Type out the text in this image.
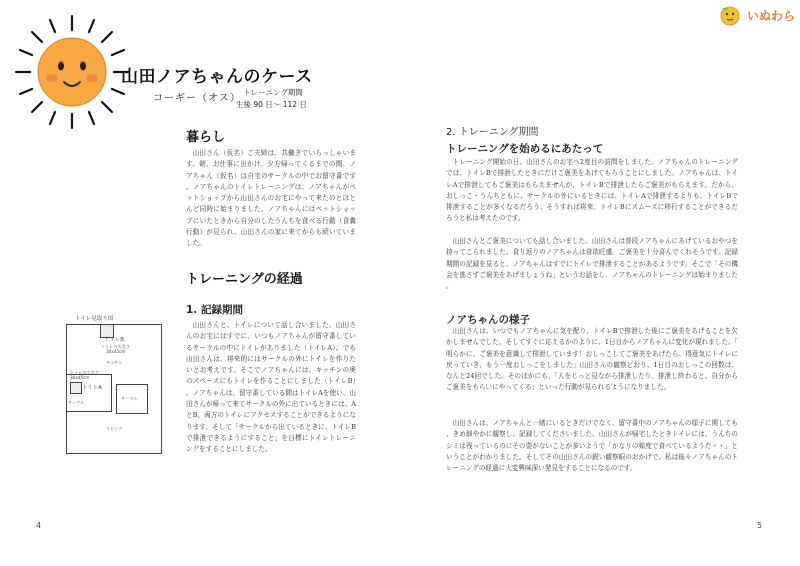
山田ノアちゃんのケース
コーギー（オス）
トレーニング期間
生後 90 日～ 112 日
暮らし

山田さん（仮名）ご夫婦は、共働きでいらっしゃいます。朝、お仕事に出かけ、夕方帰ってくるまでの間、ノアちゃん（仮名）は自宅のサークルの中でお留守番です。ノアちゃんのトイレトレーニングは、ノアちゃんがペットショップから山田さんのお宅にやって来たのとほとんど同時に始まりました。ノアちゃんにはペットショップにいたときから自分のしたうんちを食べる行動（食糞行動）が見られ、山田さんの家に来てからも続いていました。

トレーニングの経過
1. 記録期間

山田さんと、トイレについて話し合いました。山田さんのお宅にはすでに、いつもノアちゃんが留守番しているサークルの中にトイレがありました（トイレA）。でも山田さんは、将来的にはサークルの外にトイレを作りたいとお考えです。そこでノアちゃんには、キッチンの奥のスペースにもトイレを作ることにしました（トイレB）。ノアちゃんは、留守番している間はトイレAを使い、山田さんが帰って来てサークルの外に出ているときには、AとB、両方のトイレにアクセスすることができるようになります。そして「サークルから出ているときに、トイレBで排泄できるようにすること」を目標にトイレトレーニングをすることにしました。

トイレ見取り図
トイレB
トイレの大きさ
30x45cm
キッチン
トイレの大きさ
30x45cm
トイレA
サークル
サーダル
リビング
4
2. トレーニング期間
トレーニングを始めるにあたって

トレーニング開始の日、山田さんのお宅へ2度目の訪問をしました。ノアちゃんのトレーニングでは、トイレBで排泄したときにだけご褒美をあげてもらうことにしました。ノアちゃんは、トイレAで排泄してもご褒美はもらえませんが、トイレBで排泄したらご褒美がもらえます。だから、おしっこ・うんちともに、サークルの外にいるときには、トイレAで排泄するよりも、トイレBで排泄することが多くなるだろう、そうすれば将来、トイレBにスムーズに移行することができるだろうと私は考えたのです。

山田さんとご褒美についても話し合いました。山田さんは普段ノアちゃんにあげているおやつを持ってこられました。食り返りのノアちゃんは食欲旺盛。ご褒美を十分喜んでくれそうです。記録期間の記録を見ると、ノアちゃんはすでにトイレで排泄することがあるようです。そこで「その機会を逃さずご褒美をあげましょうね」というお話をし、ノアちゃんのトレーニングは始まりました。

ノアちゃんの様子

山田さんは、いつでもノアちゃんに気を配り、トイレBで排泄した後にご褒美をあげることを欠かしませんでした。そしてすぐに応えるかのように、1日目からノアちゃんに変化が現れました。「明らかに、ご褒美を意識して排泄しています！おしっこしてご褒美をあげたら、得意気にトイレに戻っていき、もう一度おしっこをしました」山田さんの観察どおり、1日目のおしっこの回数は、なんと24回でした。そのほかにも、「人をじっと見ながら排泄したり、排泄し終わると、自分からご褒美をもらいにやってくる」といった行動が見られるようになりました。

山田さんは、ノアちゃんと一緒にいるときだけでなく、留守番中のノアちゃんの様子に関しても、きめ細やかに観察し、記録してくださいました。山田さんが帰宅したときトイレには、うんちのシミは残っているのにその姿がないことが多いようで「かなりの頻度で食べているようだ・・」ということがわかりました。そしてその山田さんの鋭い観察眼のおかげで、私は後々ノアちゃんのトレーニングの経過に大変興味深い発見をすることになるのです。

5
いぬわら
